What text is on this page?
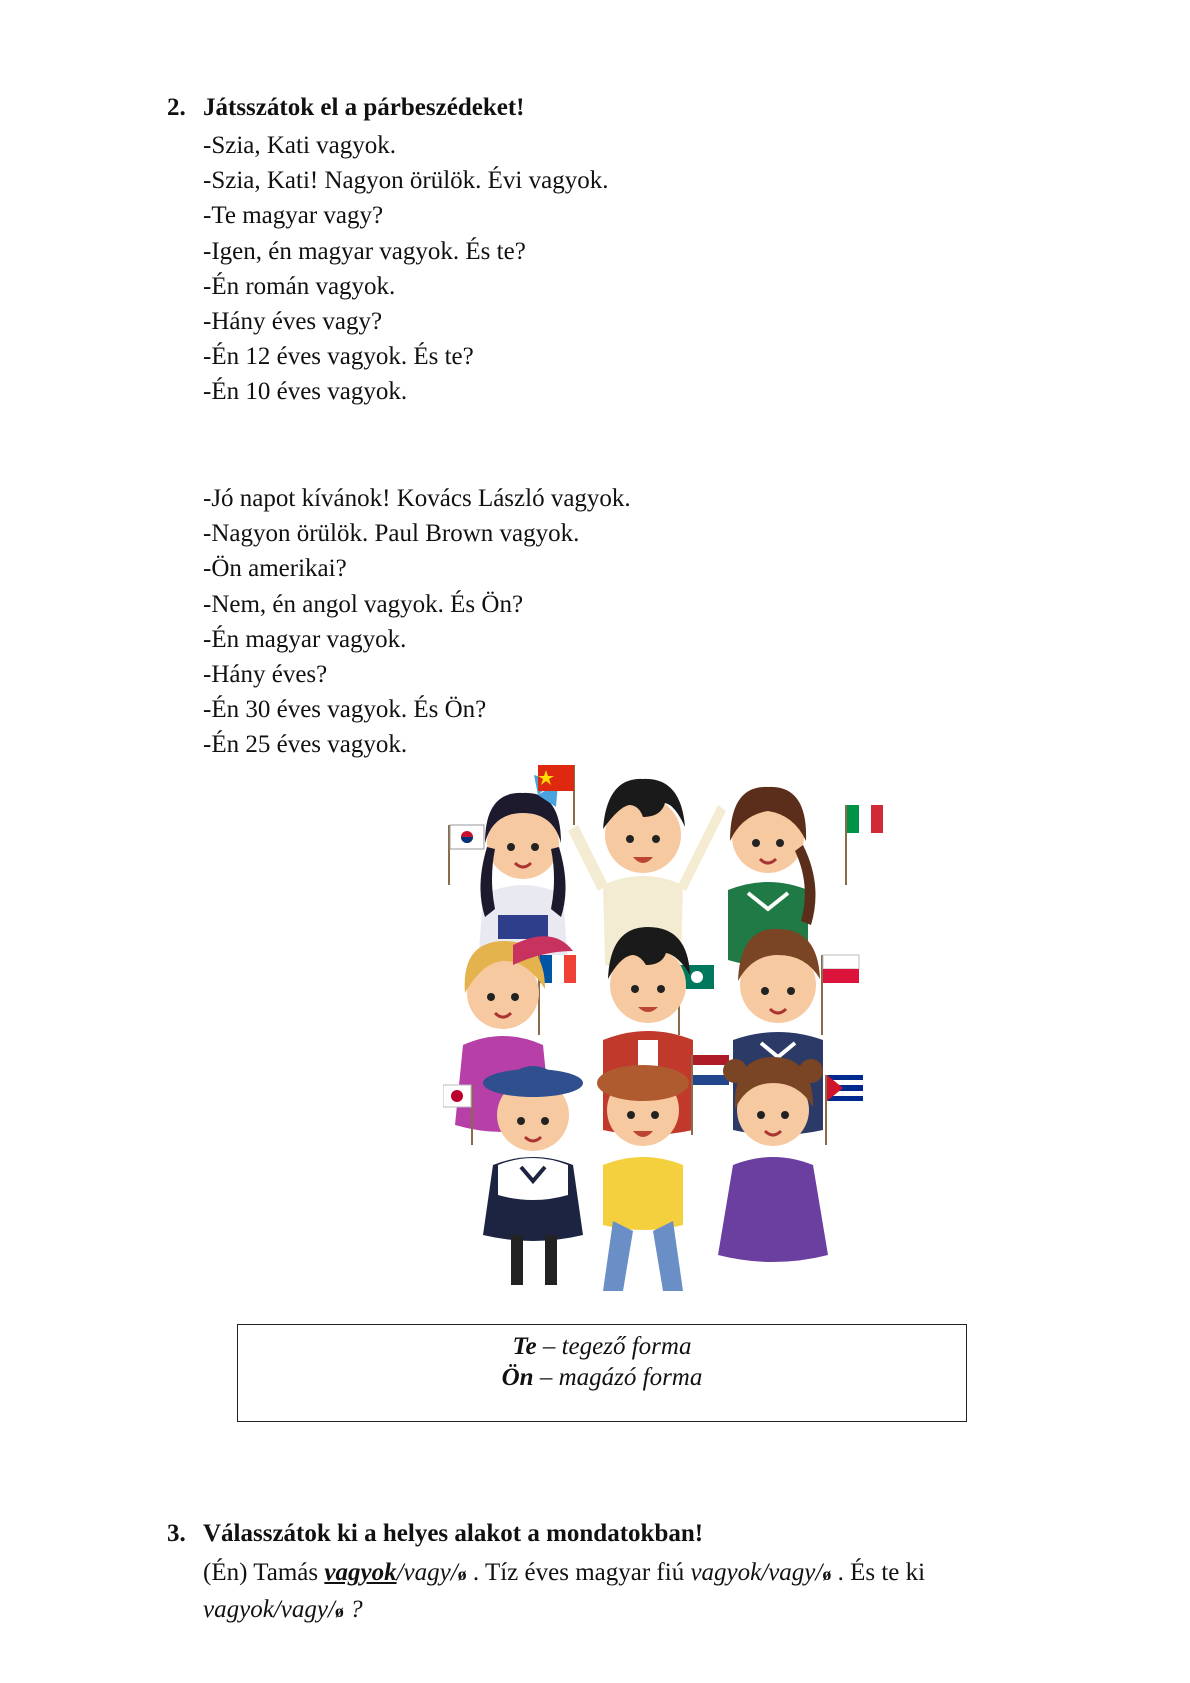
2. Játsszátok el a párbeszédeket!
-Szia, Kati vagyok.
-Szia, Kati! Nagyon örülök. Évi vagyok.
-Te magyar vagy?
-Igen, én magyar vagyok. És te?
-Én román vagyok.
-Hány éves vagy?
-Én 12 éves vagyok. És te?
-Én 10 éves vagyok.
-Jó napot kívánok! Kovács László vagyok.
-Nagyon örülök. Paul Brown vagyok.
-Ön amerikai?
-Nem, én angol vagyok. És Ön?
-Én magyar vagyok.
-Hány éves?
-Én 30 éves vagyok. És Ön?
-Én 25 éves vagyok.
Te – tegező forma
Ön – magázó forma
3. Válasszátok ki a helyes alakot a mondatokban!
(Én) Tamás vagyok/vagy/ø . Tíz éves magyar fiú vagyok/vagy/ø . És te ki vagyok/vagy/ø ?
